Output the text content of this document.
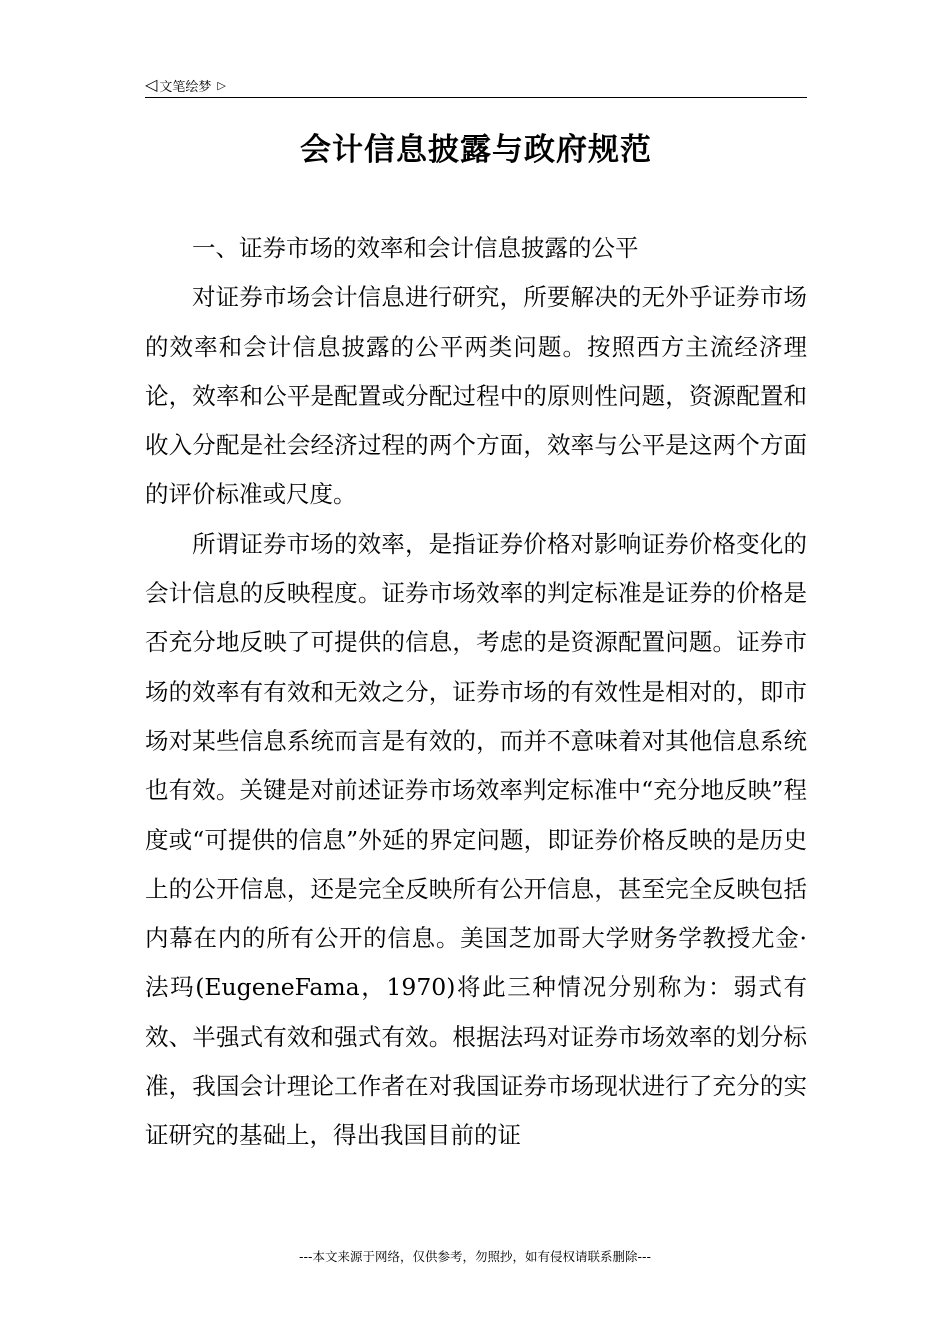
◁ 文笔绘梦 ▷
会计信息披露与政府规范

一、证券市场的效率和会计信息披露的公平

对证券市场会计信息进行研究，所要解决的无外乎证券市场的效率和会计信息披露的公平两类问题。按照西方主流经济理论，效率和公平是配置或分配过程中的原则性问题，资源配置和收入分配是社会经济过程的两个方面，效率与公平是这两个方面的评价标准或尺度。

所谓证券市场的效率，是指证券价格对影响证券价格变化的会计信息的反映程度。证券市场效率的判定标准是证券的价格是否充分地反映了可提供的信息，考虑的是资源配置问题。证券市场的效率有有效和无效之分，证券市场的有效性是相对的，即市场对某些信息系统而言是有效的，而并不意味着对其他信息系统也有效。关键是对前述证券市场效率判定标准中“充分地反映”程度或“可提供的信息”外延的界定问题，即证券价格反映的是历史上的公开信息，还是完全反映所有公开信息，甚至完全反映包括内幕在内的所有公开的信息。美国芝加哥大学财务学教授尤金·法玛(EugeneFama，1970)将此三种情况分别称为：弱式有效、半强式有效和强式有效。根据法玛对证券市场效率的划分标准，我国会计理论工作者在对我国证券市场现状进行了充分的实证研究的基础上，得出我国目前的证

---本文来源于网络，仅供参考，勿照抄，如有侵权请联系删除---
